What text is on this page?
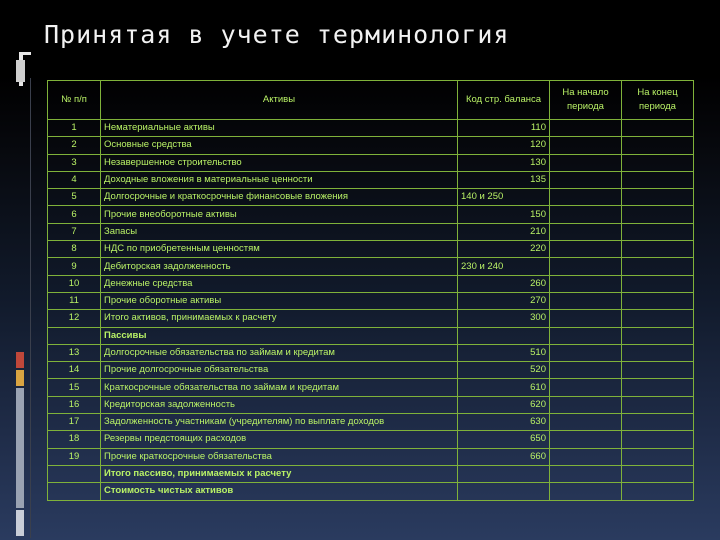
Принятая в учете терминология
№ п/п	Активы	Код стр. баланса	На начало периода	На конец периода
1	Нематериальные активы	110		
2	Основные средства	120		
3	Незавершенное строительство	130		
4	Доходные вложения в материальные ценности	135		
5	Долгосрочные и краткосрочные финансовые вложения	140 и 250		
6	Прочие внеоборотные активы	150		
7	Запасы	210		
8	НДС по приобретенным ценностям	220		
9	Дебиторская задолженность	230 и 240		
10	Денежные средства	260		
11	Прочие оборотные активы	270		
12	Итого активов, принимаемых к расчету	300		
	Пассивы			
13	Долгосрочные обязательства по займам и кредитам	510		
14	Прочие долгосрочные обязательства	520		
15	Краткосрочные обязательства по займам и кредитам	610		
16	Кредиторская задолженность	620		
17	Задолженность участникам (учредителям) по выплате доходов	630		
18	Резервы предстоящих расходов	650		
19	Прочие краткосрочные обязательства	660		
	Итого пассиво, принимаемых к расчету			
	Стоимость чистых активов			
